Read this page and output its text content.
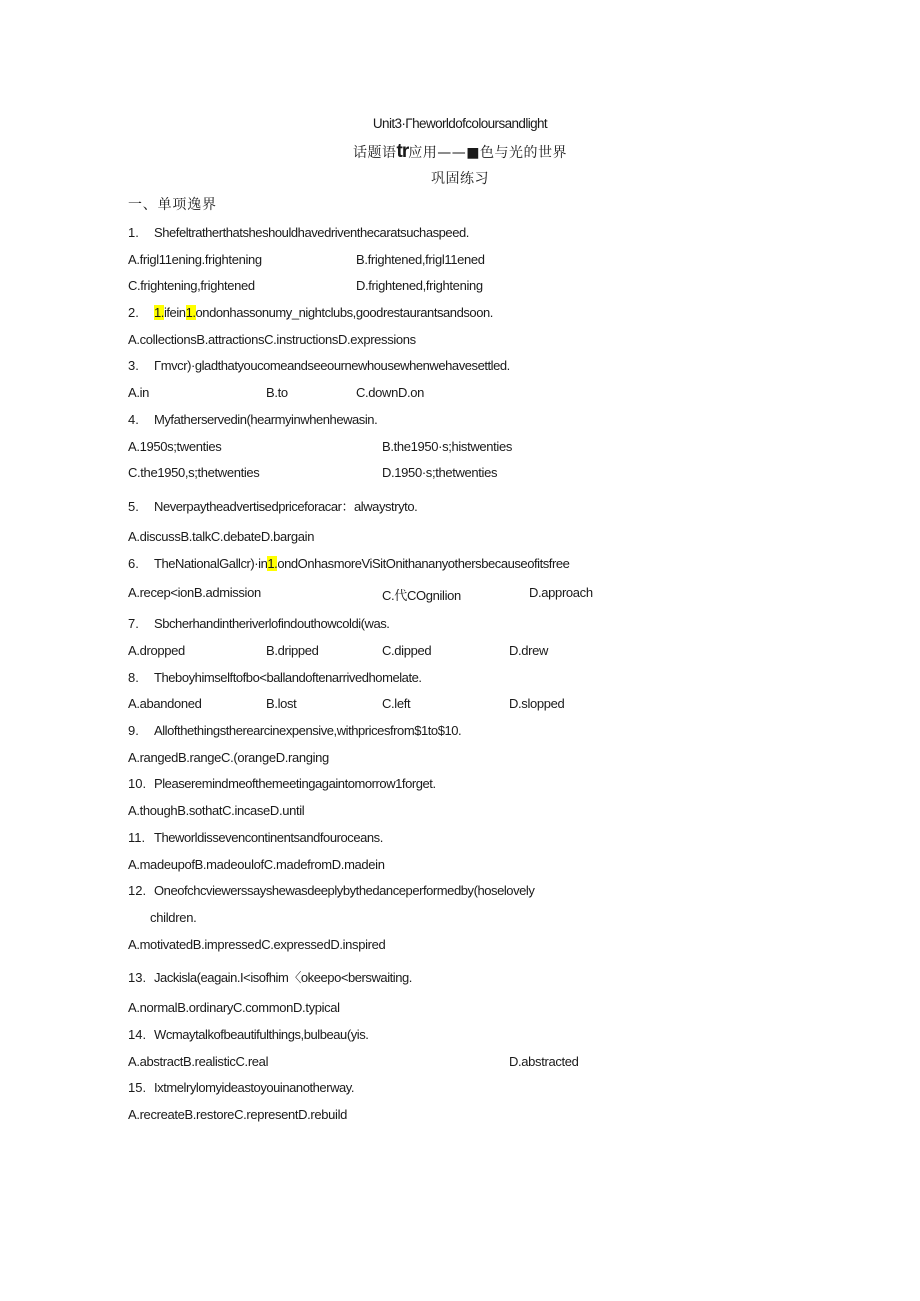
Unit3·Γheworldofcoloursandlight
话题语tr应用——■色与光的世界
巩固练习
一、单项逸界
1. Shefeltratherthatsheshouldhavedriventhecaratsuchaspeed.
A.frigl11ening.frightening	B.frightened,frigl11ened
C.frightening,frightened	D.frightened,frightening
2. 1.ifein1.ondonhassonumy_nightclubs,goodrestaurantsandsoon.
A.collectionsB.attractionsC.instructionsD.expressions
3. Γmvcr)·gladthatyoucomeandseeournewhousewhenwehavesettled.
A.in	B.to	C.downD.on
4. Myfatherservedin(hearmyinwhenhewasin.
A.1950s;twenties	B.the1950·s;histwenties
C.the1950,s;thetwenties	D.1950·s;thetwenties
5. Neverpaytheadvertisedpriceforacar：alwaystryto.
A.discussB.talkC.debateD.bargain
6. TheNationalGallcr)·in1.ondOnhasmoreViSitOnithananyothersbecauseofitsfree
A.recep<ionB.admission	C.代COgnilion	D.approach
7. Sbcherhandintheriverlofindouthowcoldi(was.
A.dropped	B.dripped	C.dipped	D.drew
8. Theboyhimselftofbo<ballandoftenarrivedhomelate.
A.abandoned	B.lost	C.left	D.slopped
9. Allofthethingstherearcinexpensive,withpricesfrom$1to$10.
A.rangedB.rangeC.(orangeD.ranging
10. Pleaseremindmeofthemeetingagaintomorrow1forget.
A.thoughB.sothatC.incaseD.until
11. Theworldissevencontinentsandfouroceans.
A.madeupofB.madeoulofC.madefromD.madein
12. Oneofchcviewerssayshewasdeeplybythedanceperformedby(hoselovely
children.
A.motivatedB.impressedC.expressedD.inspired
13. Jackisla(eagain.I<isofhim〈okeepo<berswaiting.
A.normalB.ordinaryC.commonD.typical
14. Wcmaytalkofbeautifulthings,bulbeau(yis.
A.abstractB.realisticC.real	D.abstracted
15. Ixtmelrylomyideastoyouinanotherway.
A.recreateB.restoreC.representD.rebuild
